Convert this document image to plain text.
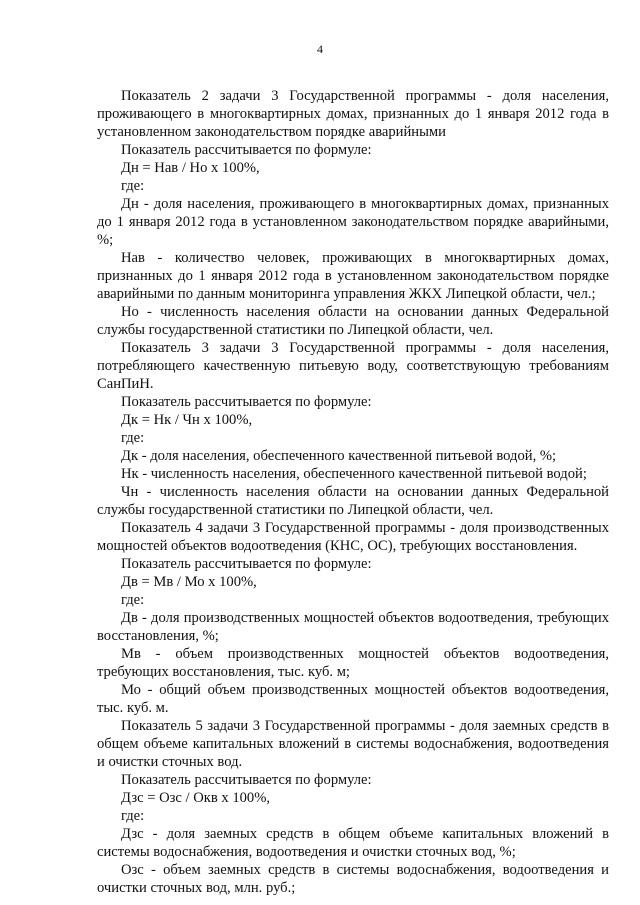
4

Показатель 2 задачи 3 Государственной программы - доля населения, проживающего в многоквартирных домах, признанных до 1 января 2012 года в установленном законодательством порядке аварийными

Показатель рассчитывается по формуле:

Дн = Нав / Но х 100%,

где:

Дн - доля населения, проживающего в многоквартирных домах, признанных до 1 января 2012 года в установленном законодательством порядке аварийными, %;

Нав - количество человек, проживающих в многоквартирных домах, признанных до 1 января 2012 года в установленном законодательством порядке аварийными по данным мониторинга управления ЖКХ Липецкой области, чел.;

Но - численность населения области на основании данных Федеральной службы государственной статистики по Липецкой области, чел.

Показатель 3 задачи 3 Государственной программы - доля населения, потребляющего качественную питьевую воду, соответствующую требованиям СанПиН.

Показатель рассчитывается по формуле:

Дк = Нк / Чн х 100%,

где:

Дк - доля населения, обеспеченного качественной питьевой водой, %;

Нк - численность населения, обеспеченного качественной питьевой водой;

Чн - численность населения области на основании данных Федеральной службы государственной статистики по Липецкой области, чел.

Показатель 4 задачи 3 Государственной программы - доля производственных мощностей объектов водоотведения (КНС, ОС), требующих восстановления.

Показатель рассчитывается по формуле:

Дв = Мв / Мо х 100%,

где:

Дв - доля производственных мощностей объектов водоотведения, требующих восстановления, %;

Мв - объем производственных мощностей объектов водоотведения, требующих восстановления, тыс. куб. м;

Мо - общий объем производственных мощностей объектов водоотведения, тыс. куб. м.

Показатель 5 задачи 3 Государственной программы - доля заемных средств в общем объеме капитальных вложений в системы водоснабжения, водоотведения и очистки сточных вод.

Показатель рассчитывается по формуле:

Дзс = Озс / Окв х 100%,

где:

Дзс - доля заемных средств в общем объеме капитальных вложений в системы водоснабжения, водоотведения и очистки сточных вод, %;

Озс - объем заемных средств в системы водоснабжения, водоотведения и очистки сточных вод, млн. руб.;
